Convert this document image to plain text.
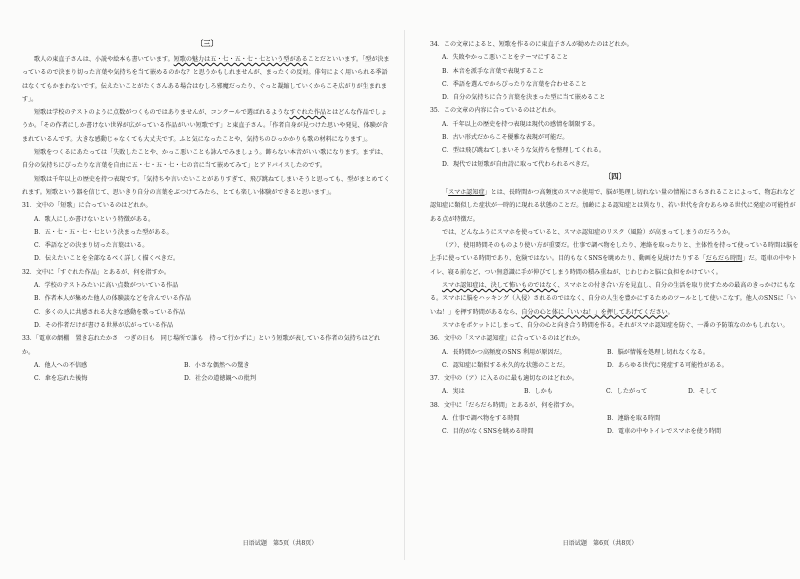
〔三〕

歌人の東直子さんは、小説や絵本も書いています。短歌の魅力は五・七・五・七・七という型があることだといいます。「型が決まっているので決まり切った言葉や気持ちを当て嵌めるのかな？と思うかもしれませんが、まったくの反対。俳句によく用いられる季語はなくてもかまわないです。伝えたいことがたくさんある場合はむしろ邪魔だったり、ぐっと凝縮していくからこそ広がりが生まれます」。

短歌は学校のテストのように点数がつくものではありませんが、コンクールで選ばれるようなすぐれた作品とはどんな作品でしょうか。「その作者にしか書けない世界が広がっている作品がいい短歌です」と東直子さん。「作者自身が見つけた思いや発見、体験が含まれているんです。大きな感動じゃなくても大丈夫です。ふと気になったことや、気持ちのひっかかりも歌の材料になります」。

短歌をつくるにあたっては「失敗したことや、かっこ悪いことも詠んでみましょう。飾らない本音がいい歌になります。まずは、自分の気持ちにぴったりな言葉を自由に五・七・五・七・七の音に当て嵌めてみて」とアドバイスしたのです。

短歌は千年以上の歴史を持つ表現です。「気持ちや言いたいことがありすぎて、飛び跳ねてしまいそうと思っても、型がまとめてくれます。短歌という器を信じて、思いきり自分の言葉をぶつけてみたら、とても楽しい体験ができると思います」。

31．文中の「短歌」に合っているのはどれか。

A．歌人にしか書けないという特徴がある。

B．五・七・五・七・七という決まった型がある。

C．季語などの決まり切った言葉はいる。

D．伝えたいことを全部なるべく詳しく描くべきだ。

32．文中に「すぐれた作品」とあるが、何を指すか。

A．学校のテストみたいに高い点数がついている作品

B．作者本人が集めた他人の体験談などを含んでいる作品

C．多くの人に共感される大きな感動を歌っている作品

D．その作者だけが書ける世界が広がっている作品

33．「電車の網棚　置き忘れたかさ　つぎの日も　同じ場所で誰も　持って行かずに」という短歌が表している作者の気持ちはどれか。

A．他人への不信感	B．小さな偶然への驚き
C．傘を忘れた後悔	D．社会の道徳観への批判
日语试题　第5页（共8页）

34．この文章によると、短歌を作るのに東直子さんが勧めたのはどれか。

A．失敗やかっこ悪いことをテーマにすること

B．本音を派手な言葉で表現すること

C．季語を選んでからぴったりな言葉を合わせること

D．自分の気持ちに合う言葉を決まった型に当て嵌めること

35．この文章の内容に合っているのはどれか。

A．千年以上の歴史を持つ表現は現代の感情を制限する。

B．古い形式だからこそ優雅な表現が可能だ。

C．型は飛び跳ねてしまいそうな気持ちを整理してくれる。

D．現代では短歌が自由詩に取って代わられるべきだ。

〔四〕

「スマホ認知症」とは、長時間かつ高頻度のスマホ使用で、脳が処理し切れない量の情報にさらされることによって、物忘れなど認知症に類似した症状が一時的に現れる状態のことだ。加齢による認知症とは異なり、若い世代を含むあらゆる世代に発症の可能性がある点が特徴だ。

では、どんなふうにスマホを使っていると、スマホ認知症のリスク（風险）が高まってしまうのだろうか。

（ア）、使用時間そのものより使い方が重要だ。仕事で調べ物をしたり、連絡を取ったりと、主体性を持って使っている時間は脳を上手に使っている時間であり、危険ではない。目的もなくSNSを眺めたり、動画を見続けたりする「だらだら時間」だ。電車の中やトイレ、寝る前など、つい無意識に手が伸びてしまう時間の積み重ねが、じわじわと脳に負担をかけていく。

スマホ認知症は、決して怖いものではなく、スマホとの付き合い方を見直し、自分の生活を取り戻すための最高のきっかけにもなる。スマホに脳をハッキング（入侵）されるのではなく、自分の人生を豊かにするためのツールとして使いこなす。他人のSNSに「いいね！」を押す時間があるなら、自分の心と体に「いいね！」を押してあげてください。

スマホをポケットにしまって、自分の心と向き合う時間を作る。それがスマホ認知症を防ぐ、一番の予防策なのかもしれない。

36．文中の「スマホ認知症」に合っているのはどれか。

A．長時間かつ高頻度のSNS 利用が原因だ。	B．脳が情報を処理し切れなくなる。
C．認知症に類似する永久的な状態のことだ。	D．あらゆる世代に発症する可能性がある。

37．文中の（ア）に入るのに最も適切なのはどれか。

A．実は	B．しかも	C．したがって	D．そして

38．文中に「だらだら時間」とあるが、何を指すか。

A．仕事で調べ物をする時間	B．連絡を取る時間
C．目的がなくSNSを眺める時間	D．電車の中やトイレでスマホを使う時間
日语试题　第6页（共8页）
